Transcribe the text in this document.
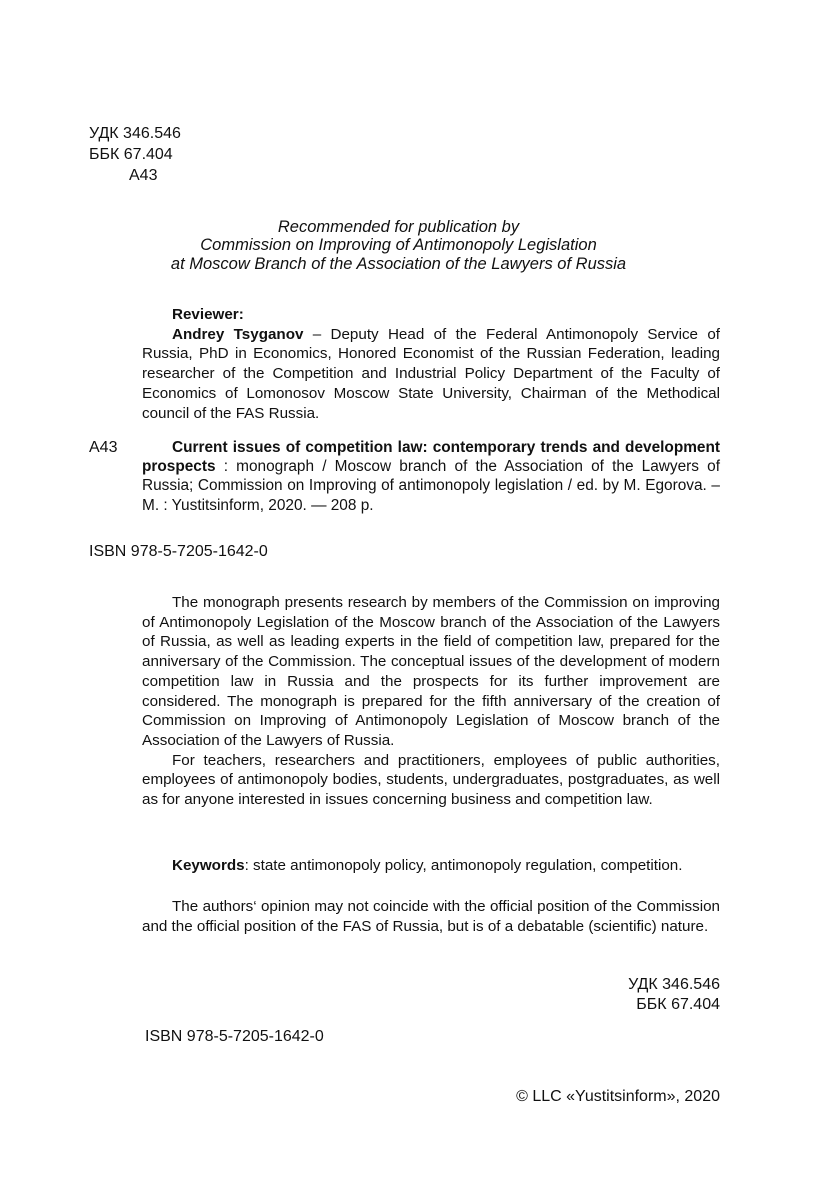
УДК 346.546
ББК 67.404
А43
Recommended for publication by
Commission on Improving of Antimonopoly Legislation
at Moscow Branch of the Association of the Lawyers of Russia

Reviewer:

Andrey Tsyganov – Deputy Head of the Federal Antimonopoly Service of Russia, PhD in Economics, Honored Economist of the Russian Federation, leading researcher of the Competition and Industrial Policy Department of the Faculty of Economics of Lomonosov Moscow State University, Chairman of the Methodical council of the FAS Russia.

А43	Current issues of competition law: contemporary trends and development prospects : monograph / Moscow branch of the Association of the Lawyers of Russia; Commission on Improving of antimonopoly legislation / ed. by M. Egorova. – M. : Yustitsinform, 2020. — 208 p.

ISBN 978-5-7205-1642-0

The monograph presents research by members of the Commission on improving of Antimonopoly Legislation of the Moscow branch of the Association of the Lawyers of Russia, as well as leading experts in the field of competition law, prepared for the anniversary of the Commission. The conceptual issues of the development of modern competition law in Russia and the prospects for its further improvement are considered. The monograph is prepared for the fifth anniversary of the creation of Commission on Improving of Antimonopoly Legislation of Moscow branch of the Association of the Lawyers of Russia.

For teachers, researchers and practitioners, employees of public authorities, employees of antimonopoly bodies, students, undergraduates, postgraduates, as well as for anyone interested in issues concerning business and competition law.

Keywords: state antimonopoly policy, antimonopoly regulation, competition.

The authors‘ opinion may not coincide with the official position of the Commission and the official position of the FAS of Russia, but is of a debatable (scientific) nature.

УДК 346.546
ББК 67.404
ISBN 978-5-7205-1642-0
© LLC «Yustitsinform», 2020
